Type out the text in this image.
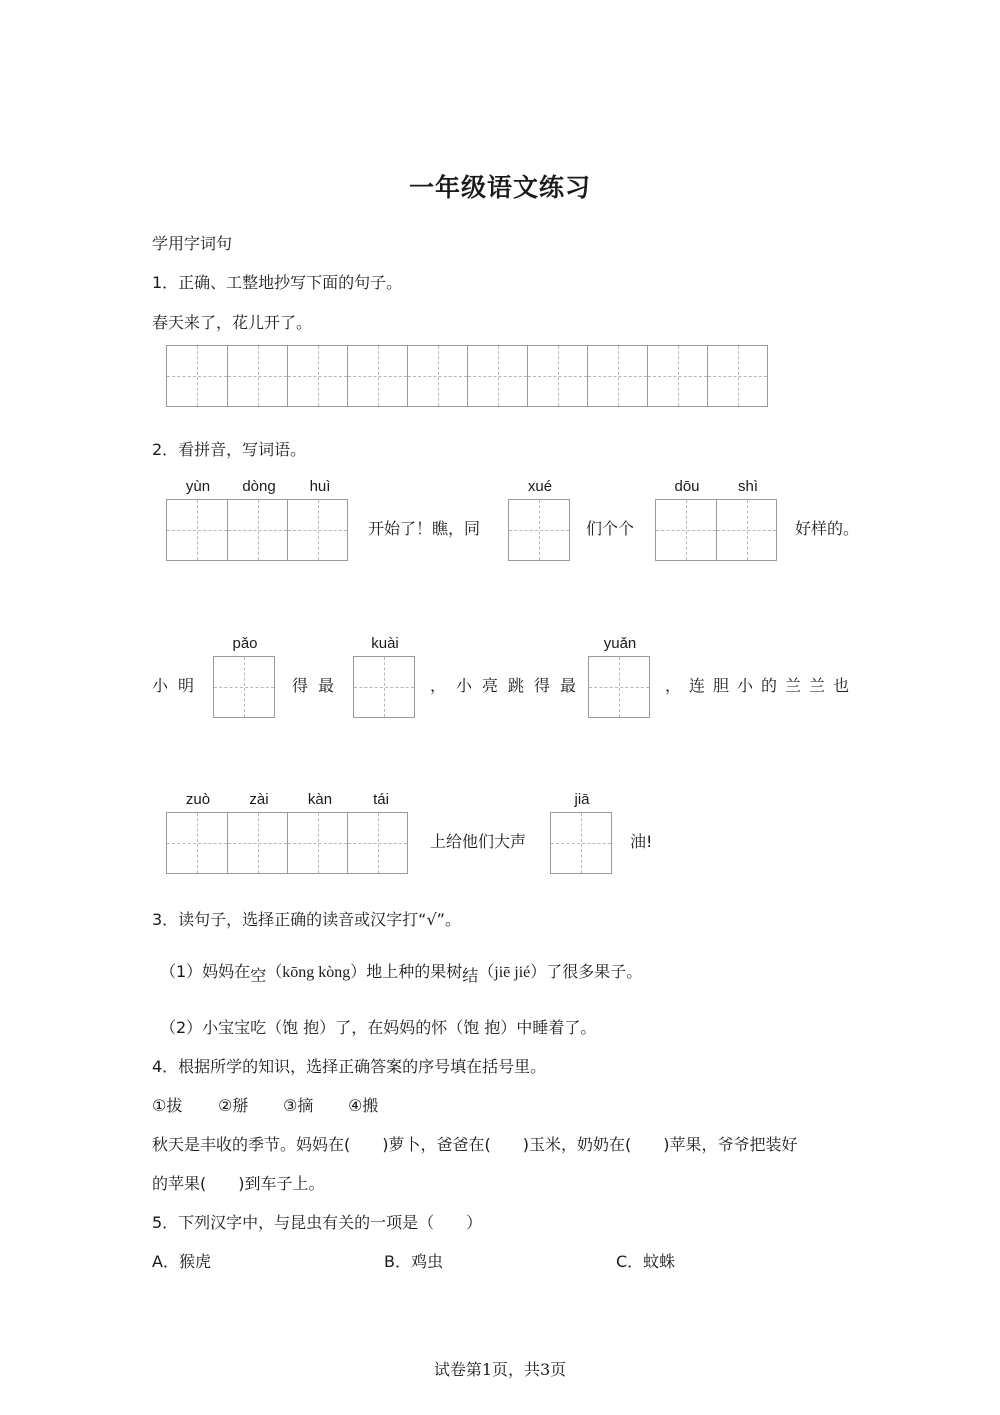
一年级语文练习
学用字词句
1．正确、工整地抄写下面的句子。
春天来了，花儿开了。
2．看拼音，写词语。
yùn	dòng	huì
开始了！瞧，同
xué
们个个
dōu	shì
好样的。
小明
pǎo
得最
kuài
，小亮跳得最
yuǎn
，连胆小的兰兰也
zuò	zài	kàn	tái
上给他们大声
jiā
油!
3．读句子，选择正确的读音或汉字打“√”。
（1）妈妈在空（kōng kòng）地上种的果树结（jiē jié）了很多果子。
（2）小宝宝吃（饱 抱）了，在妈妈的怀（饱 抱）中睡着了。
4．根据所学的知识，选择正确答案的序号填在括号里。
①拔 ②掰 ③摘 ④搬
秋天是丰收的季节。妈妈在(　　)萝卜，爸爸在(　　)玉米，奶奶在(　　)苹果，爷爷把装好
的苹果(　　)到车子上。
5．下列汉字中，与昆虫有关的一项是（　　）
A．猴虎	B．鸡虫	C．蚊蛛
试卷第1页，共3页
